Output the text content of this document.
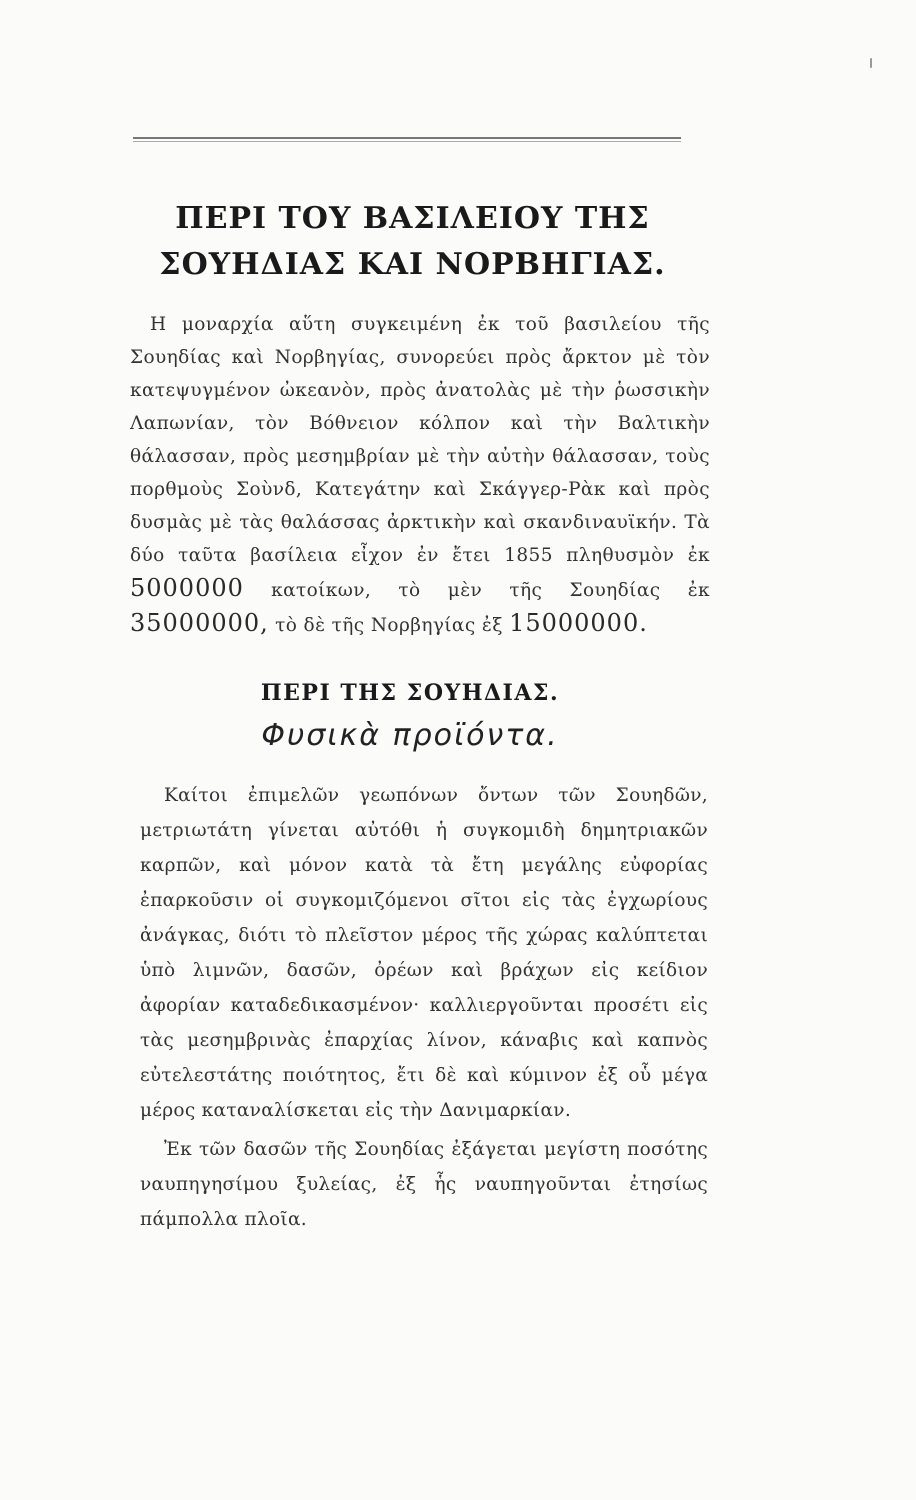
ΠΕΡΙ ΤΟΥ ΒΑΣΙΛΕΙΟΥ ΤΗΣ ΣΟΥΗΔΙΑΣ ΚΑΙ ΝΟΡΒΗΓΙΑΣ.

Η μοναρχία αὕτη συγκειμένη ἐκ τοῦ βασιλείου τῆς Σουηδίας καὶ Νορβηγίας, συνορεύει πρὸς ἄρκτον μὲ τὸν κατεψυγμένον ὠκεανὸν, πρὸς ἀνατολὰς μὲ τὴν ῥωσσικὴν Λαπωνίαν, τὸν Βόθνειον κόλπον καὶ τὴν Βαλτικὴν θάλασσαν, πρὸς μεσημβρίαν μὲ τὴν αὐτὴν θάλασσαν, τοὺς πορθμοὺς Σοὺνδ, Κατεγάτην καὶ Σκάγγερ-Ρὰκ καὶ πρὸς δυσμὰς μὲ τὰς θαλάσσας ἀρκτικὴν καὶ σκανδιναυϊκήν. Τὰ δύο ταῦτα βασίλεια εἶχον ἐν ἔτει 1855 πληθυσμὸν ἐκ 5000000 κατοίκων, τὸ μὲν τῆς Σουηδίας ἐκ 35000000, τὸ δὲ τῆς Νορβηγίας ἐξ 15000000.

ΠΕΡΙ ΤΗΣ ΣΟΥΗΔΙΑΣ.
Φυσικὰ προϊόντα.

Καίτοι ἐπιμελῶν γεωπόνων ὄντων τῶν Σουηδῶν, μετριωτάτη γίνεται αὐτόθι ἡ συγκομιδὴ δημητριακῶν καρπῶν, καὶ μόνον κατὰ τὰ ἔτη μεγάλης εὐφορίας ἐπαρκοῦσιν οἱ συγκομιζόμενοι σῖτοι εἰς τὰς ἐγχωρίους ἀνάγκας, διότι τὸ πλεῖστον μέρος τῆς χώρας καλύπτεται ὑπὸ λιμνῶν, δασῶν, ὀρέων καὶ βράχων εἰς κείδιον ἀφορίαν καταδεδικασμένον· καλλιεργοῦνται προσέτι εἰς τὰς μεσημβρινὰς ἐπαρχίας λίνον, κάναβις καὶ καπνὸς εὐτελεστάτης ποιότητος, ἔτι δὲ καὶ κύμινον ἐξ οὗ μέγα μέρος καταναλίσκεται εἰς τὴν Δανιμαρκίαν.

Ἐκ τῶν δασῶν τῆς Σουηδίας ἐξάγεται μεγίστη ποσότης ναυπηγησίμου ξυλείας, ἐξ ἧς ναυπηγοῦνται ἐτησίως πάμπολλα πλοῖα.
